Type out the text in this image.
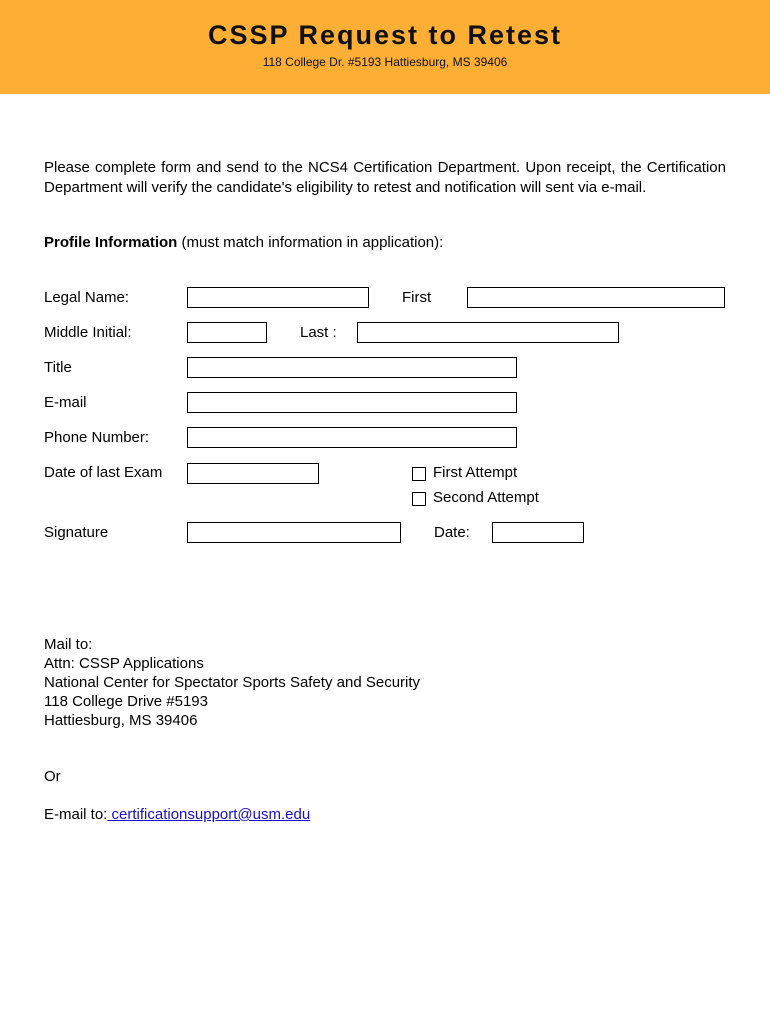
CSSP Request to Retest
118 College Dr. #5193 Hattiesburg, MS 39406

Please complete form and send to the NCS4 Certification Department. Upon receipt, the Certification Department will verify the candidate's eligibility to retest and notification will sent via e-mail.

Profile Information (must match information in application):
Legal Name:	First
Middle Initial:	Last :
Title
E-mail
Phone Number:
Date of last Exam	First Attempt
Second Attempt
Signature	Date:
Mail to:
Attn: CSSP Applications
National Center for Spectator Sports Safety and Security
118 College Drive #5193
Hattiesburg, MS 39406
Or
E-mail to: certificationsupport@usm.edu
